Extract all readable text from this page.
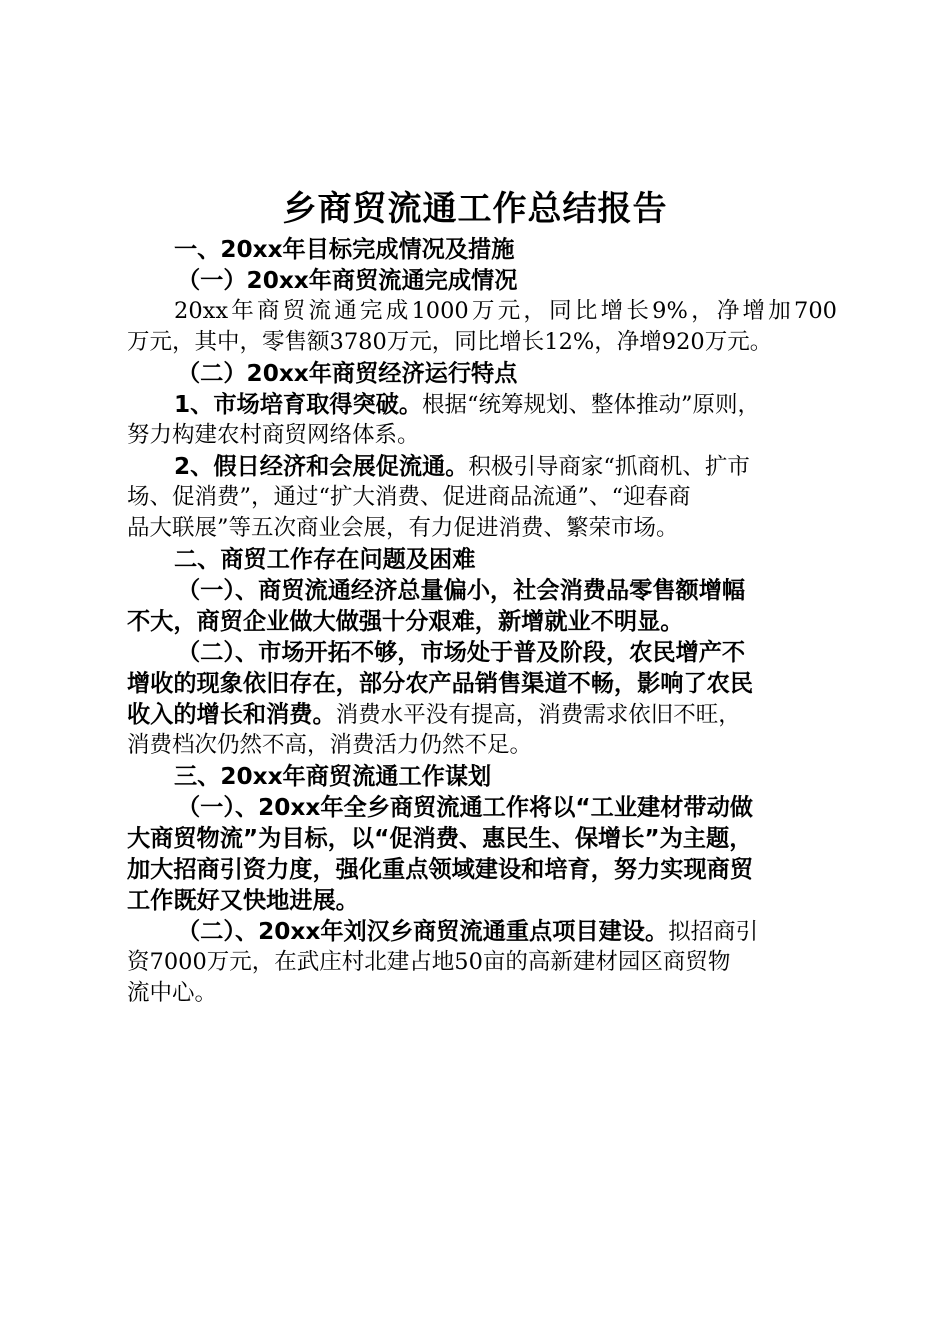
乡商贸流通工作总结报告

一、20xx年目标完成情况及措施

（一）20xx年商贸流通完成情况

20xx年商贸流通完成1000万元，同比增长9%，净增加700

万元，其中，零售额3780万元，同比增长12%，净增920万元。

（二）20xx年商贸经济运行特点

1、市场培育取得突破。根据“统筹规划、整体推动”原则，

努力构建农村商贸网络体系。

2、假日经济和会展促流通。积极引导商家“抓商机、扩市

场、促消费”，通过“扩大消费、促进商品流通”、“迎春商

品大联展”等五次商业会展，有力促进消费、繁荣市场。

二、商贸工作存在问题及困难

（一）、商贸流通经济总量偏小，社会消费品零售额增幅

不大，商贸企业做大做强十分艰难，新增就业不明显。

（二）、市场开拓不够，市场处于普及阶段，农民增产不

增收的现象依旧存在，部分农产品销售渠道不畅，影响了农民

收入的增长和消费。消费水平没有提高，消费需求依旧不旺，

消费档次仍然不高，消费活力仍然不足。

三、20xx年商贸流通工作谋划

（一）、20xx年全乡商贸流通工作将以“工业建材带动做

大商贸物流”为目标，以“促消费、惠民生、保增长”为主题，

加大招商引资力度，强化重点领域建设和培育，努力实现商贸

工作既好又快地进展。

（二）、20xx年刘汉乡商贸流通重点项目建设。拟招商引

资7000万元，在武庄村北建占地50亩的高新建材园区商贸物

流中心。
